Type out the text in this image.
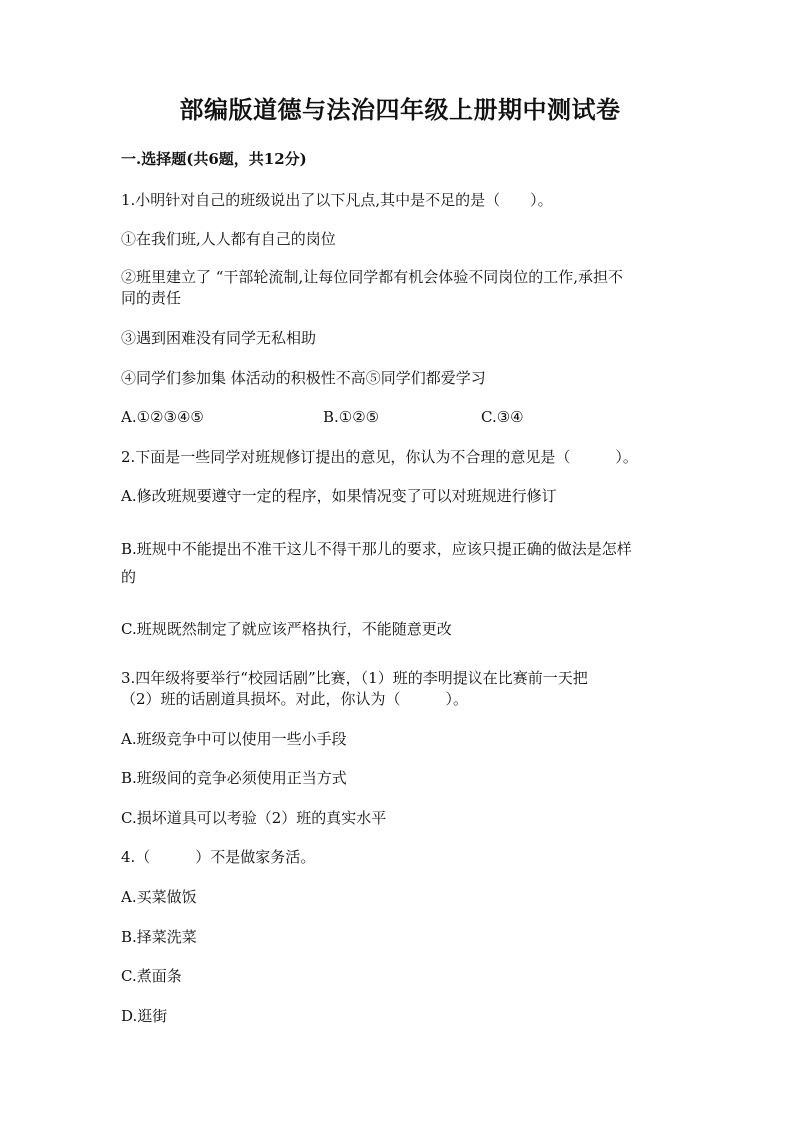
部编版道德与法治四年级上册期中测试卷
一.选择题(共6题，共12分)
1.小明针对自己的班级说出了以下凡点,其中是不足的是（　　）。
①在我们班,人人都有自己的岗位
②班里建立了 “干部轮流制,让每位同学都有机会体验不同岗位的工作,承担不
同的责任
③遇到困难没有同学无私相助
④同学们参加集 体活动的积极性不高⑤同学们都爱学习
A.①②③④⑤	B.①②⑤	C.③④
2.下面是一些同学对班规修订提出的意见，你认为不合理的意见是（　　　）。
A.修改班规要遵守一定的程序，如果情况变了可以对班规进行修订
B.班规中不能提出不准干这儿不得干那儿的要求，应该只提正确的做法是怎样
的
C.班规既然制定了就应该严格执行，不能随意更改
3.四年级将要举行“校园话剧”比赛，（1）班的李明提议在比赛前一天把
（2）班的话剧道具损坏。对此，你认为（　　　）。
A.班级竞争中可以使用一些小手段
B.班级间的竞争必须使用正当方式
C.损坏道具可以考验（2）班的真实水平
4.（　　　）不是做家务活。
A.买菜做饭
B.择菜洗菜
C.煮面条
D.逛街
